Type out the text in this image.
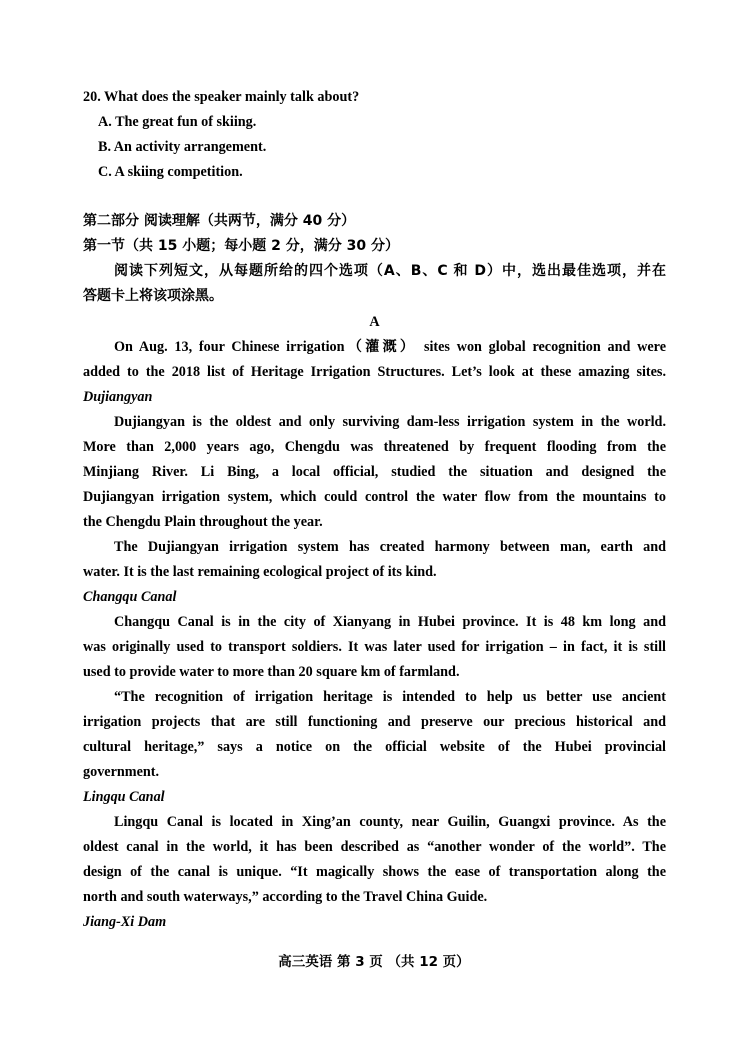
20. What does the speaker mainly talk about?
A. The great fun of skiing.
B. An activity arrangement.
C. A skiing competition.
第二部分 阅读理解（共两节，满分 40 分）
第一节（共 15 小题；每小题 2 分，满分 30 分）
阅读下列短文，从每题所给的四个选项（A、B、C 和 D）中，选出最佳选项，并在
答题卡上将该项涂黑。
A
On Aug. 13, four Chinese irrigation（灌溉） sites won global recognition and were
added to the 2018 list of Heritage Irrigation Structures. Let’s look at these amazing sites.
Dujiangyan
Dujiangyan is the oldest and only surviving dam-less irrigation system in the world.
More than 2,000 years ago, Chengdu was threatened by frequent flooding from the
Minjiang River. Li Bing, a local official, studied the situation and designed the
Dujiangyan irrigation system, which could control the water flow from the mountains to
the Chengdu Plain throughout the year.
The Dujiangyan irrigation system has created harmony between man, earth and
water. It is the last remaining ecological project of its kind.
Changqu Canal
Changqu Canal is in the city of Xianyang in Hubei province. It is 48 km long and
was originally used to transport soldiers. It was later used for irrigation – in fact, it is still
used to provide water to more than 20 square km of farmland.
“The recognition of irrigation heritage is intended to help us better use ancient
irrigation projects that are still functioning and preserve our precious historical and
cultural heritage,” says a notice on the official website of the Hubei provincial
government.
Lingqu Canal
Lingqu Canal is located in Xing’an county, near Guilin, Guangxi province. As the
oldest canal in the world, it has been described as “another wonder of the world”. The
design of the canal is unique. “It magically shows the ease of transportation along the
north and south waterways,” according to the Travel China Guide.
Jiang-Xi Dam
高三英语 第 3 页 （共 12 页）
